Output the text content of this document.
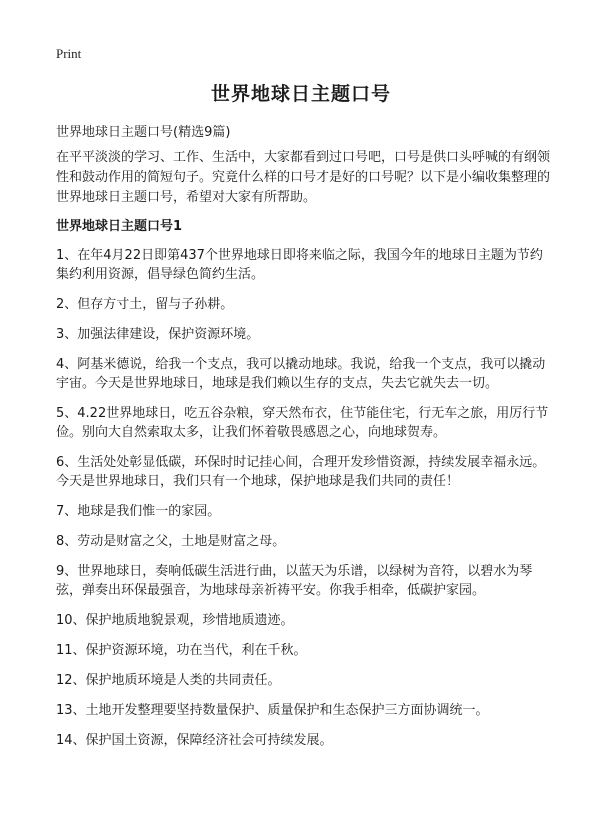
Print
世界地球日主题口号

世界地球日主题口号(精选9篇)

在平平淡淡的学习、工作、生活中，大家都看到过口号吧，口号是供口头呼喊的有纲领性和鼓动作用的简短句子。究竟什么样的口号才是好的口号呢？以下是小编收集整理的世界地球日主题口号，希望对大家有所帮助。

世界地球日主题口号1
1、在年4月22日即第437个世界地球日即将来临之际，我国今年的地球日主题为节约集约利用资源，倡导绿色简约生活。
2、但存方寸土，留与子孙耕。
3、加强法律建设，保护资源环境。
4、阿基米德说，给我一个支点，我可以撬动地球。我说，给我一个支点，我可以撬动宇宙。今天是世界地球日，地球是我们赖以生存的支点，失去它就失去一切。
5、4.22世界地球日，吃五谷杂粮，穿天然布衣，住节能住宅，行无车之旅，用厉行节俭。别向大自然索取太多，让我们怀着敬畏感恩之心，向地球贺寿。
6、生活处处彰显低碳，环保时时记挂心间，合理开发珍惜资源，持续发展幸福永远。今天是世界地球日，我们只有一个地球，保护地球是我们共同的责任！
7、地球是我们惟一的家园。
8、劳动是财富之父，土地是财富之母。
9、世界地球日，奏响低碳生活进行曲，以蓝天为乐谱，以绿树为音符，以碧水为琴弦，弹奏出环保最强音，为地球母亲祈祷平安。你我手相牵，低碳护家园。
10、保护地质地貌景观，珍惜地质遗迹。
11、保护资源环境，功在当代，利在千秋。
12、保护地质环境是人类的共同责任。
13、土地开发整理要坚持数量保护、质量保护和生态保护三方面协调统一。
14、保护国土资源，保障经济社会可持续发展。
